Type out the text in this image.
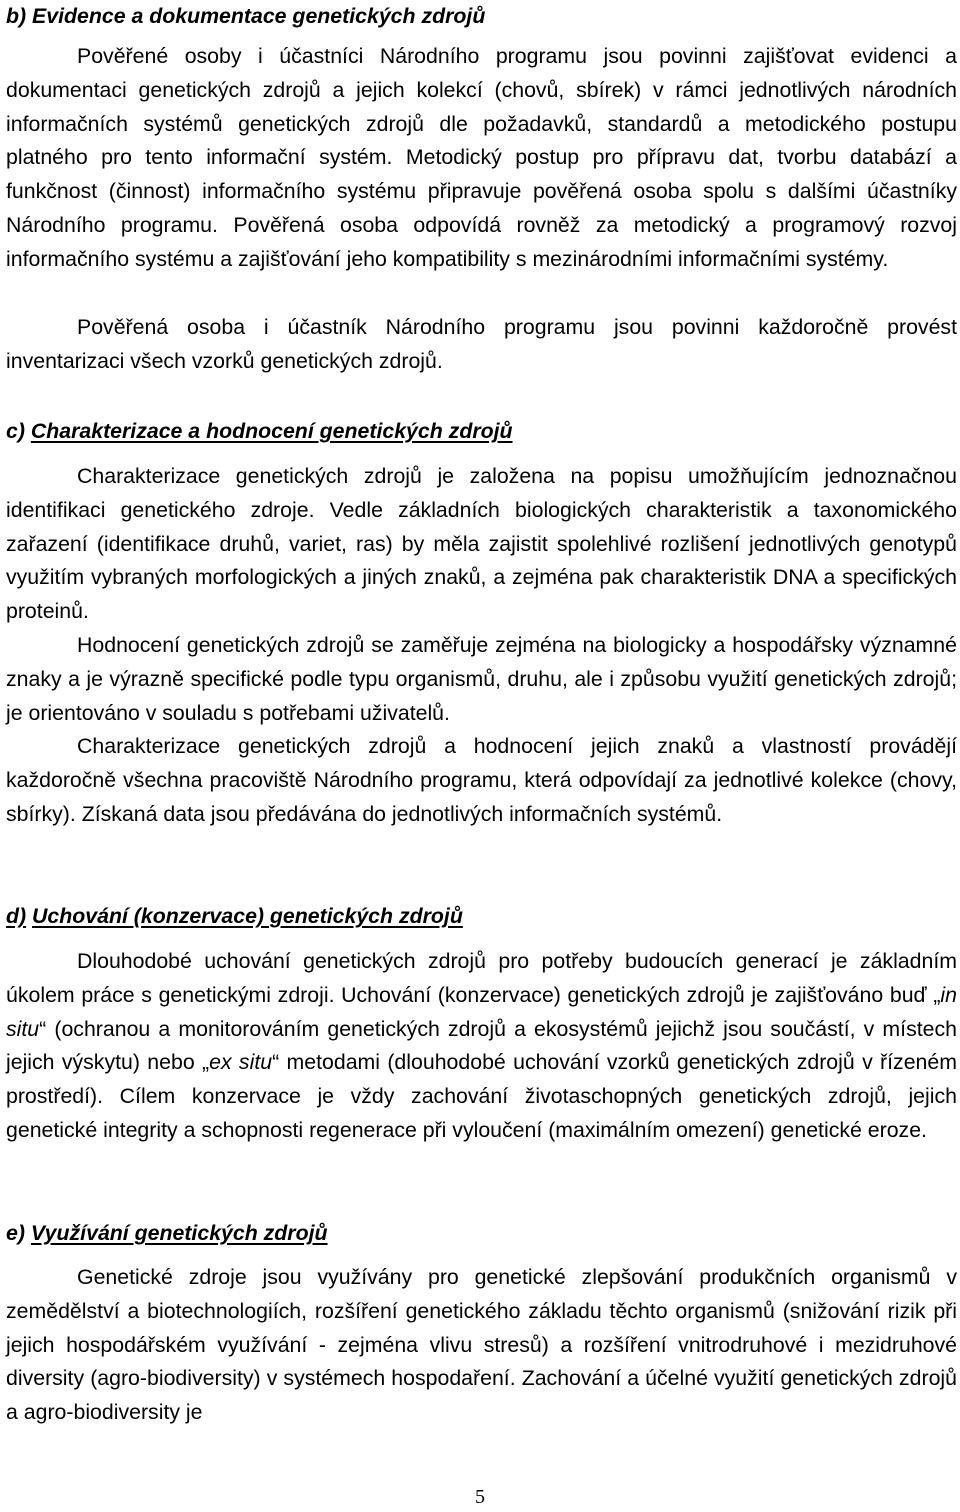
b) Evidence a dokumentace genetických zdrojů

Pověřené osoby i účastníci Národního programu jsou povinni zajišťovat evidenci a dokumentaci genetických zdrojů a jejich kolekcí (chovů, sbírek) v rámci jednotlivých národních informačních systémů genetických zdrojů dle požadavků, standardů a metodického postupu platného pro tento informační systém. Metodický postup pro přípravu dat, tvorbu databází a funkčnost (činnost) informačního systému připravuje pověřená osoba spolu s dalšími účastníky Národního programu. Pověřená osoba odpovídá rovněž za metodický a programový rozvoj informačního systému a zajišťování jeho kompatibility s mezinárodními informačními systémy.

Pověřená osoba i účastník Národního programu jsou povinni každoročně provést inventarizaci všech vzorků genetických zdrojů.

c) Charakterizace a hodnocení genetických zdrojů

Charakterizace genetických zdrojů je založena na popisu umožňujícím jednoznačnou identifikaci genetického zdroje. Vedle základních biologických charakteristik a taxonomického zařazení (identifikace druhů, variet, ras) by měla zajistit spolehlivé rozlišení jednotlivých genotypů využitím vybraných morfologických a jiných znaků, a zejména pak charakteristik DNA a specifických proteinů.

Hodnocení genetických zdrojů se zaměřuje zejména na biologicky a hospodářsky významné znaky a je výrazně specifické podle typu organismů, druhu, ale i způsobu využití genetických zdrojů; je orientováno v souladu s potřebami uživatelů.

Charakterizace genetických zdrojů a hodnocení jejich znaků a vlastností provádějí každoročně všechna pracoviště Národního programu, která odpovídají za jednotlivé kolekce (chovy, sbírky). Získaná data jsou předávána do jednotlivých informačních systémů.

d) Uchování (konzervace) genetických zdrojů

Dlouhodobé uchování genetických zdrojů pro potřeby budoucích generací je základním úkolem práce s genetickými zdroji. Uchování (konzervace) genetických zdrojů je zajišťováno buď „in situ“ (ochranou a monitorováním genetických zdrojů a ekosystémů jejichž jsou součástí, v místech jejich výskytu) nebo „ex situ“ metodami (dlouhodobé uchování vzorků genetických zdrojů v řízeném prostředí). Cílem konzervace je vždy zachování životaschopných genetických zdrojů, jejich genetické integrity a schopnosti regenerace při vyloučení (maximálním omezení) genetické eroze.

e) Využívání genetických zdrojů

Genetické zdroje jsou využívány pro genetické zlepšování produkčních organismů v zemědělství a biotechnologiích, rozšíření genetického základu těchto organismů (snižování rizik při jejich hospodářském využívání - zejména vlivu stresů) a rozšíření vnitrodruhové i mezidruhové diversity (agro-biodiversity) v systémech hospodaření. Zachování a účelné využití genetických zdrojů a agro-biodiversity je

5
